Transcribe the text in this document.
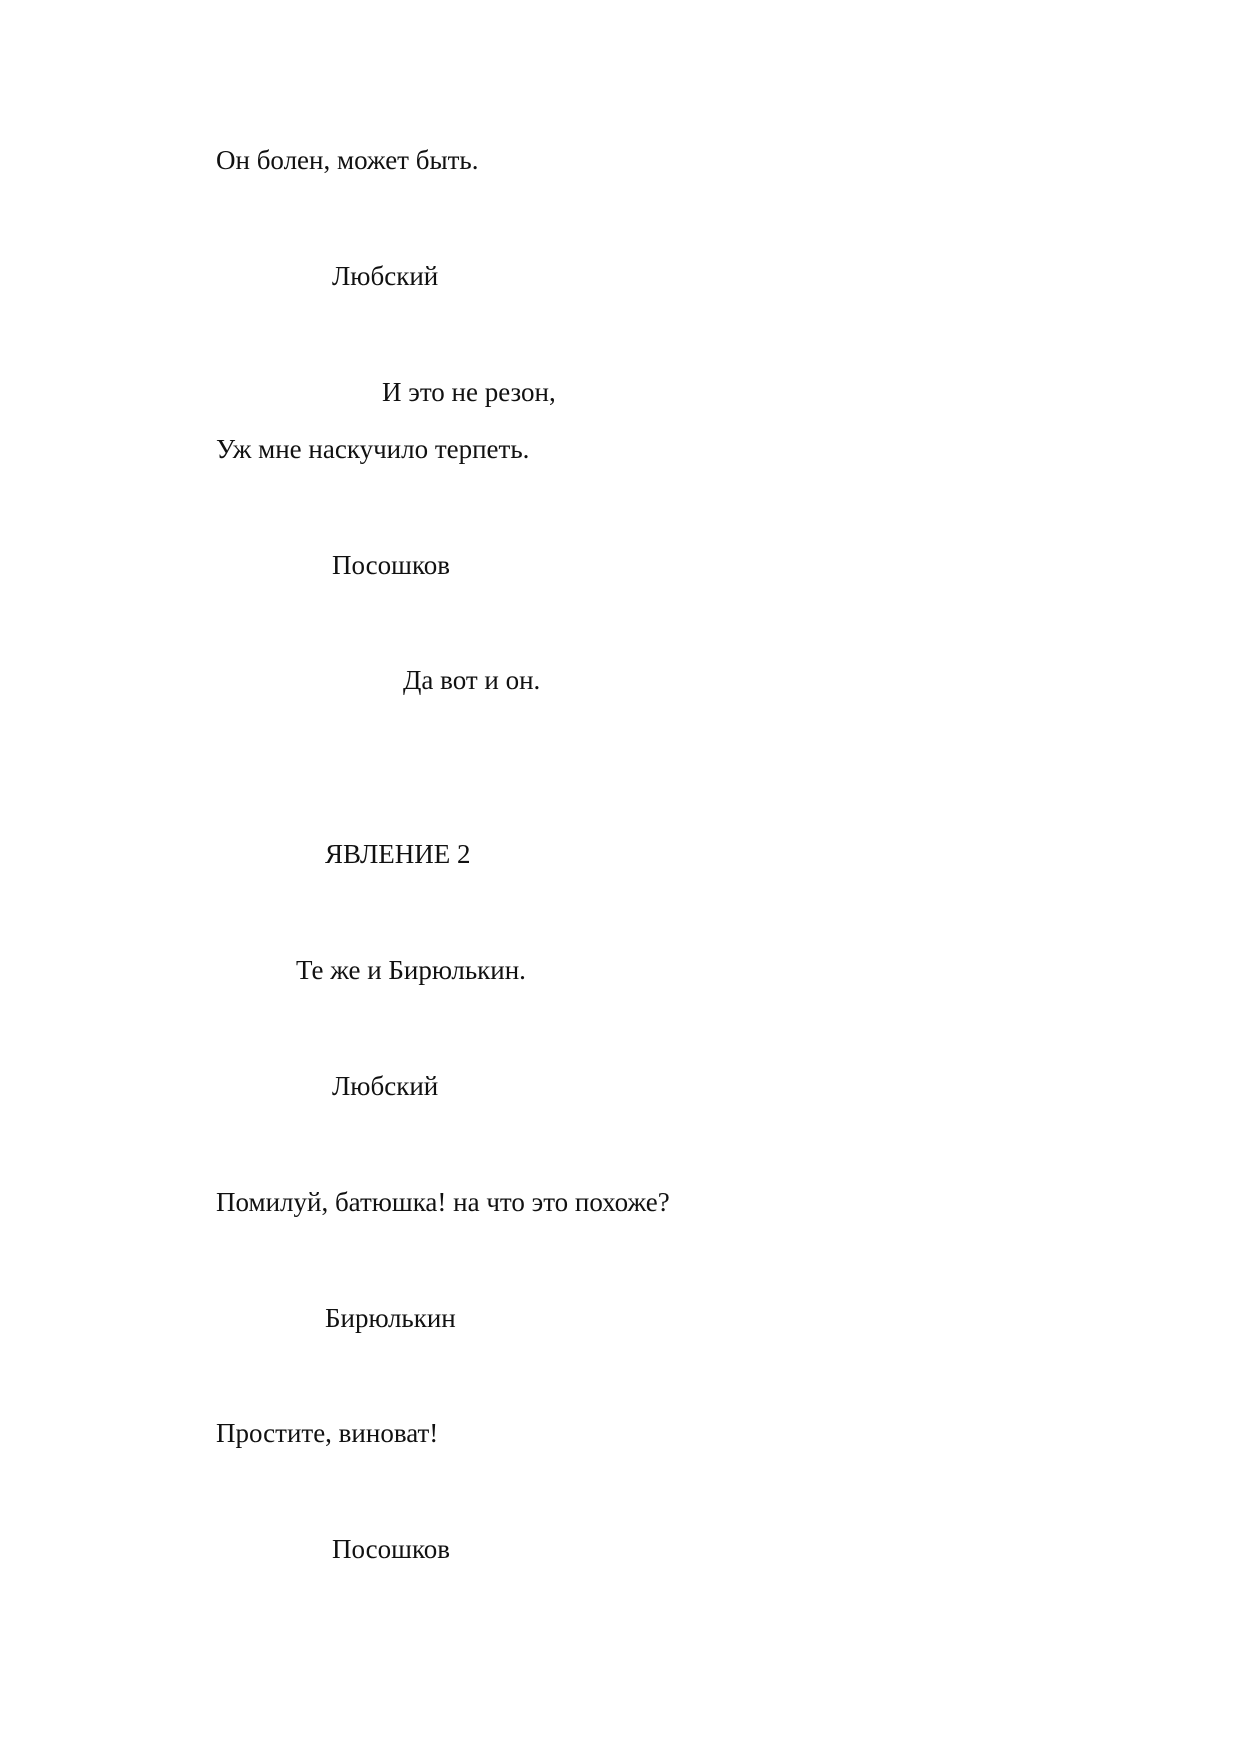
Он болен, может быть.
Любский
И это не резон,
Уж мне наскучило терпеть.
Посошков
Да вот и он.
ЯВЛЕНИЕ 2
Те же и Бирюлькин.
Любский
Помилуй, батюшка! на что это похоже?
Бирюлькин
Простите, виноват!
Посошков
